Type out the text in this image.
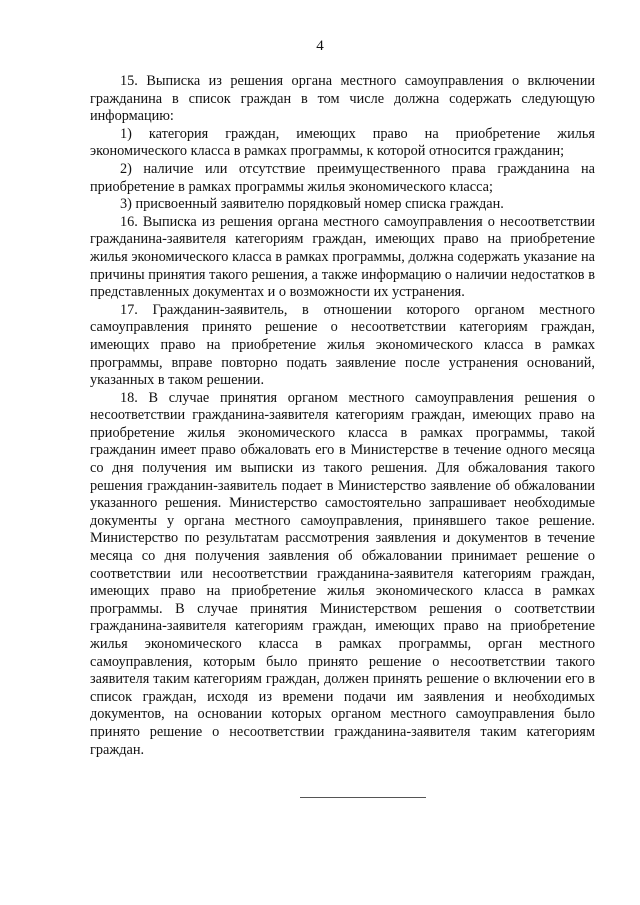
4

15. Выписка из решения органа местного самоуправления о включении гражданина в список граждан в том числе должна содержать следующую информацию:

1) категория граждан, имеющих право на приобретение жилья экономического класса в рамках программы, к которой относится гражданин;

2) наличие или отсутствие преимущественного права гражданина на приобретение в рамках программы жилья экономического класса;

3) присвоенный заявителю порядковый номер списка граждан.

16. Выписка из решения органа местного самоуправления о несоответствии гражданина-заявителя категориям граждан, имеющих право на приобретение жилья экономического класса в рамках программы, должна содержать указание на причины принятия такого решения, а также информацию о наличии недостатков в представленных документах и о возможности их устранения.

17. Гражданин-заявитель, в отношении которого органом местного самоуправления принято решение о несоответствии категориям граждан, имеющих право на приобретение жилья экономического класса в рамках программы, вправе повторно подать заявление после устранения оснований, указанных в таком решении.

18. В случае принятия органом местного самоуправления решения о несоответствии гражданина-заявителя категориям граждан, имеющих право на приобретение жилья экономического класса в рамках программы, такой гражданин имеет право обжаловать его в Министерстве в течение одного месяца со дня получения им выписки из такого решения. Для обжалования такого решения гражданин-заявитель подает в Министерство заявление об обжаловании указанного решения. Министерство самостоятельно запрашивает необходимые документы у органа местного самоуправления, принявшего такое решение. Министерство по результатам рассмотрения заявления и документов в течение месяца со дня получения заявления об обжаловании принимает решение о соответствии или несоответствии гражданина-заявителя категориям граждан, имеющих право на приобретение жилья экономического класса в рамках программы. В случае принятия Министерством решения о соответствии гражданина-заявителя категориям граждан, имеющих право на приобретение жилья экономического класса в рамках программы, орган местного самоуправления, которым было принято решение о несоответствии такого заявителя таким категориям граждан, должен принять решение о включении его в список граждан, исходя из времени подачи им заявления и необходимых документов, на основании которых органом местного самоуправления было принято решение о несоответствии гражданина-заявителя таким категориям граждан.
